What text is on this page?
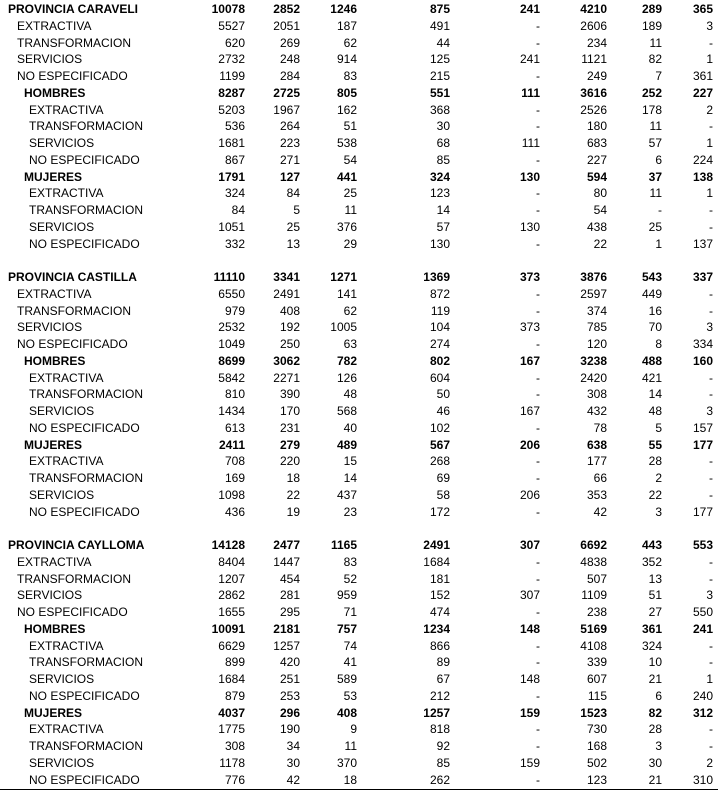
PROVINCIA CARAVELI	10078	2852	1246	875	241	4210	289	365
EXTRACTIVA	5527	2051	187	491	-	2606	189	3
TRANSFORMACION	620	269	62	44	-	234	11	-
SERVICIOS	2732	248	914	125	241	1121	82	1
NO ESPECIFICADO	1199	284	83	215	-	249	7	361
HOMBRES	8287	2725	805	551	111	3616	252	227
EXTRACTIVA	5203	1967	162	368	-	2526	178	2
TRANSFORMACION	536	264	51	30	-	180	11	-
SERVICIOS	1681	223	538	68	111	683	57	1
NO ESPECIFICADO	867	271	54	85	-	227	6	224
MUJERES	1791	127	441	324	130	594	37	138
EXTRACTIVA	324	84	25	123	-	80	11	1
TRANSFORMACION	84	5	11	14	-	54	-	-
SERVICIOS	1051	25	376	57	130	438	25	-
NO ESPECIFICADO	332	13	29	130	-	22	1	137
PROVINCIA CASTILLA	11110	3341	1271	1369	373	3876	543	337
EXTRACTIVA	6550	2491	141	872	-	2597	449	-
TRANSFORMACION	979	408	62	119	-	374	16	-
SERVICIOS	2532	192	1005	104	373	785	70	3
NO ESPECIFICADO	1049	250	63	274	-	120	8	334
HOMBRES	8699	3062	782	802	167	3238	488	160
EXTRACTIVA	5842	2271	126	604	-	2420	421	-
TRANSFORMACION	810	390	48	50	-	308	14	-
SERVICIOS	1434	170	568	46	167	432	48	3
NO ESPECIFICADO	613	231	40	102	-	78	5	157
MUJERES	2411	279	489	567	206	638	55	177
EXTRACTIVA	708	220	15	268	-	177	28	-
TRANSFORMACION	169	18	14	69	-	66	2	-
SERVICIOS	1098	22	437	58	206	353	22	-
NO ESPECIFICADO	436	19	23	172	-	42	3	177
PROVINCIA CAYLLOMA	14128	2477	1165	2491	307	6692	443	553
EXTRACTIVA	8404	1447	83	1684	-	4838	352	-
TRANSFORMACION	1207	454	52	181	-	507	13	-
SERVICIOS	2862	281	959	152	307	1109	51	3
NO ESPECIFICADO	1655	295	71	474	-	238	27	550
HOMBRES	10091	2181	757	1234	148	5169	361	241
EXTRACTIVA	6629	1257	74	866	-	4108	324	-
TRANSFORMACION	899	420	41	89	-	339	10	-
SERVICIOS	1684	251	589	67	148	607	21	1
NO ESPECIFICADO	879	253	53	212	-	115	6	240
MUJERES	4037	296	408	1257	159	1523	82	312
EXTRACTIVA	1775	190	9	818	-	730	28	-
TRANSFORMACION	308	34	11	92	-	168	3	-
SERVICIOS	1178	30	370	85	159	502	30	2
NO ESPECIFICADO	776	42	18	262	-	123	21	310
